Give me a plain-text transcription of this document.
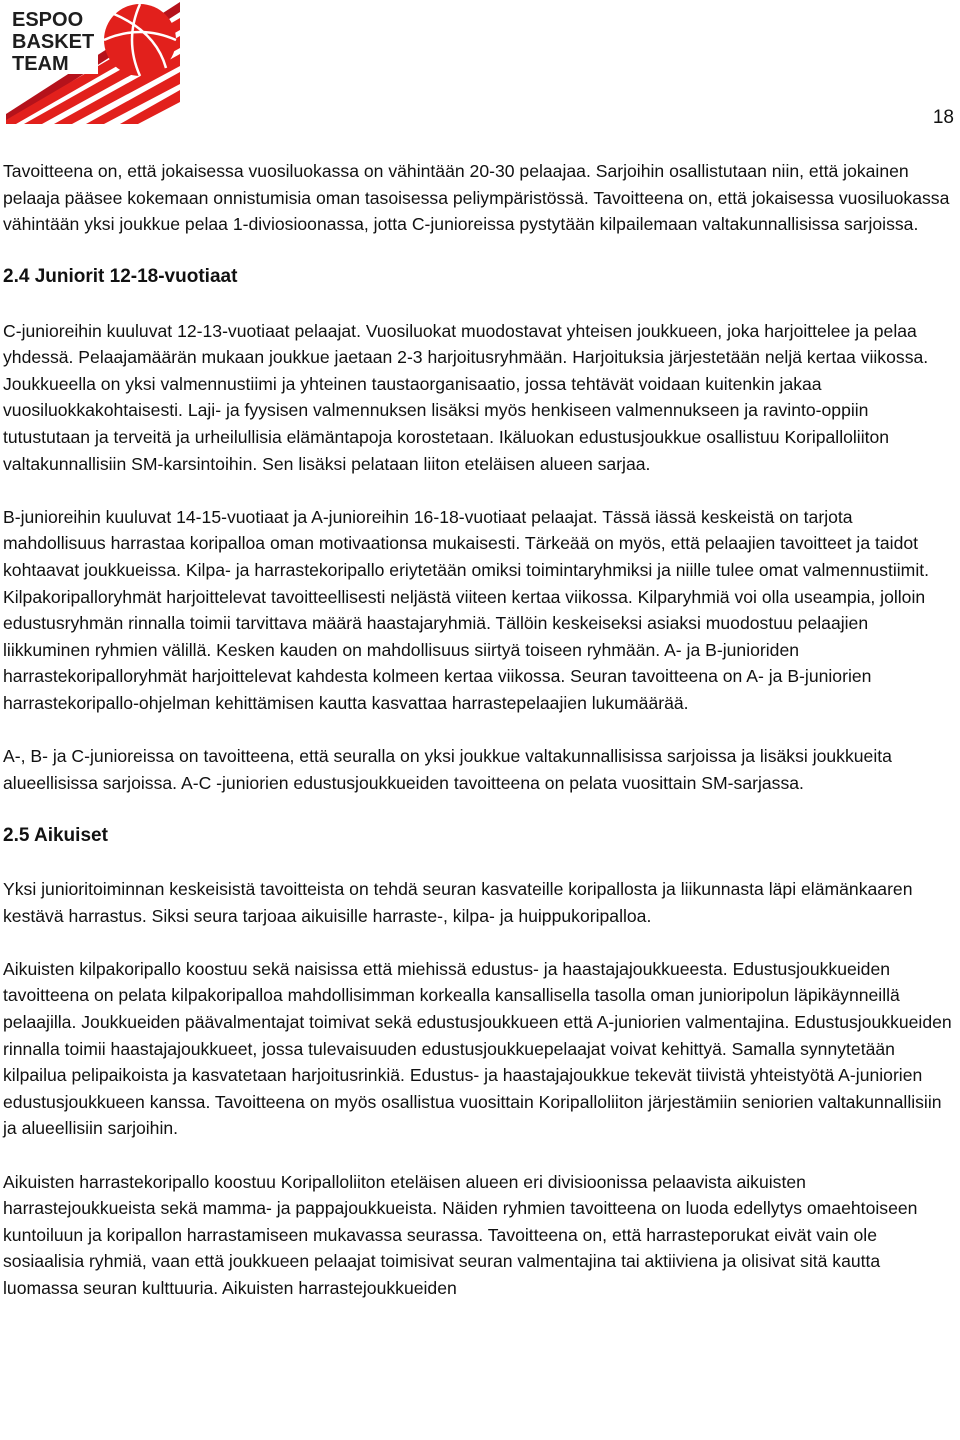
ESPOO
BASKET
TEAM
18

Tavoitteena on, että jokaisessa vuosiluokassa on vähintään 20-30 pelaajaa. Sarjoihin osallistutaan niin, että jokainen pelaaja pääsee kokemaan onnistumisia oman tasoisessa peliympäristössä. Tavoitteena on, että jokaisessa vuosiluokassa vähintään yksi joukkue pelaa 1-diviosioonassa, jotta C-junioreissa pystytään kilpailemaan valtakunnallisissa sarjoissa.

2.4 Juniorit 12-18-vuotiaat

C-junioreihin kuuluvat 12-13-vuotiaat pelaajat. Vuosiluokat muodostavat yhteisen joukkueen, joka harjoittelee ja pelaa yhdessä. Pelaajamäärän mukaan joukkue jaetaan 2-3 harjoitusryhmään. Harjoituksia järjestetään neljä kertaa viikossa. Joukkueella on yksi valmennustiimi ja yhteinen taustaorganisaatio, jossa tehtävät voidaan kuitenkin jakaa vuosiluokkakohtaisesti. Laji- ja fyysisen valmennuksen lisäksi myös henkiseen valmennukseen ja ravinto-oppiin tutustutaan ja terveitä ja urheilullisia elämäntapoja korostetaan. Ikäluokan edustusjoukkue osallistuu Koripalloliiton valtakunnallisiin SM-karsintoihin. Sen lisäksi pelataan liiton eteläisen alueen sarjaa.

B-junioreihin kuuluvat 14-15-vuotiaat ja A-junioreihin 16-18-vuotiaat pelaajat. Tässä iässä keskeistä on tarjota mahdollisuus harrastaa koripalloa oman motivaationsa mukaisesti. Tärkeää on myös, että pelaajien tavoitteet ja taidot kohtaavat joukkueissa. Kilpa- ja harrastekoripallo eriytetään omiksi toimintaryhmiksi ja niille tulee omat valmennustiimit. Kilpakoripalloryhmät harjoittelevat tavoitteellisesti neljästä viiteen kertaa viikossa. Kilparyhmiä voi olla useampia, jolloin edustusryhmän rinnalla toimii tarvittava määrä haastajaryhmiä. Tällöin keskeiseksi asiaksi muodostuu pelaajien liikkuminen ryhmien välillä. Kesken kauden on mahdollisuus siirtyä toiseen ryhmään. A- ja B-junioriden harrastekoripalloryhmät harjoittelevat kahdesta kolmeen kertaa viikossa. Seuran tavoitteena on A- ja B-juniorien harrastekoripallo-ohjelman kehittämisen kautta kasvattaa harrastepelaajien lukumäärää.

A-, B- ja C-junioreissa on tavoitteena, että seuralla on yksi joukkue valtakunnallisissa sarjoissa ja lisäksi joukkueita alueellisissa sarjoissa. A-C -juniorien edustusjoukkueiden tavoitteena on pelata vuosittain SM-sarjassa.

2.5 Aikuiset

Yksi junioritoiminnan keskeisistä tavoitteista on tehdä seuran kasvateille koripallosta ja liikunnasta läpi elämänkaaren kestävä harrastus. Siksi seura tarjoaa aikuisille harraste-, kilpa- ja huippukoripalloa.

Aikuisten kilpakoripallo koostuu sekä naisissa että miehissä edustus- ja haastajajoukkueesta. Edustusjoukkueiden tavoitteena on pelata kilpakoripalloa mahdollisimman korkealla kansallisella tasolla oman junioripolun läpikäynneillä pelaajilla. Joukkueiden päävalmentajat toimivat sekä edustusjoukkueen että A-juniorien valmentajina. Edustusjoukkueiden rinnalla toimii haastajajoukkueet, jossa tulevaisuuden edustusjoukkuepelaajat voivat kehittyä. Samalla synnytetään kilpailua pelipaikoista ja kasvatetaan harjoitusrinkiä. Edustus- ja haastajajoukkue tekevät tiivistä yhteistyötä A-juniorien edustusjoukkueen kanssa. Tavoitteena on myös osallistua vuosittain Koripalloliiton järjestämiin seniorien valtakunnallisiin ja alueellisiin sarjoihin.

Aikuisten harrastekoripallo koostuu Koripalloliiton eteläisen alueen eri divisioonissa pelaavista aikuisten harrastejoukkueista sekä mamma- ja pappajoukkueista. Näiden ryhmien tavoitteena on luoda edellytys omaehtoiseen kuntoiluun ja koripallon harrastamiseen mukavassa seurassa. Tavoitteena on, että harrasteporukat eivät vain ole sosiaalisia ryhmiä, vaan että joukkueen pelaajat toimisivat seuran valmentajina tai aktiiviena ja olisivat sitä kautta luomassa seuran kulttuuria. Aikuisten harrastejoukkueiden
